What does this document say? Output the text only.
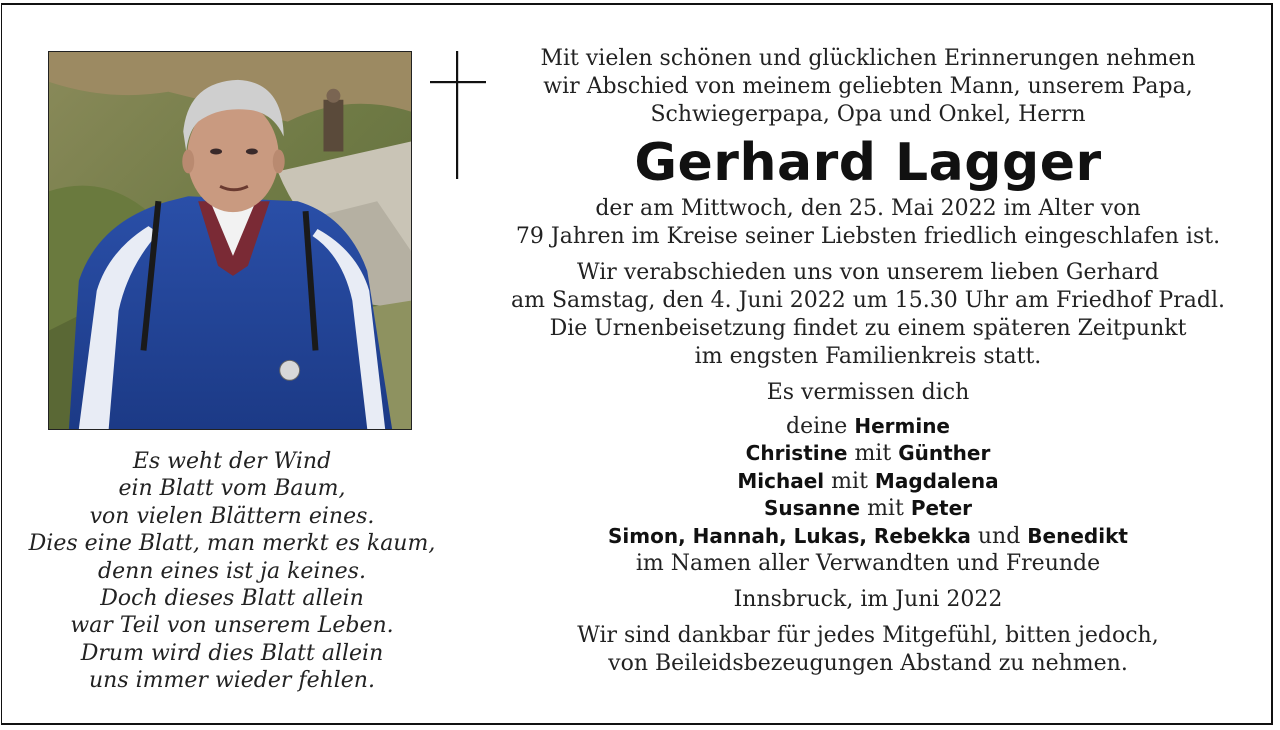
Es weht der Wind
ein Blatt vom Baum,
von vielen Blättern eines.
Dies eine Blatt, man merkt es kaum,
denn eines ist ja keines.
Doch dieses Blatt allein
war Teil von unserem Leben.
Drum wird dies Blatt allein
uns immer wieder fehlen.
Mit vielen schönen und glücklichen Erinnerungen nehmen
wir Abschied von meinem geliebten Mann, unserem Papa,
Schwiegerpapa, Opa und Onkel, Herrn
Gerhard Lagger
der am Mittwoch, den 25. Mai 2022 im Alter von
79 Jahren im Kreise seiner Liebsten friedlich eingeschlafen ist.
Wir verabschieden uns von unserem lieben Gerhard
am Samstag, den 4. Juni 2022 um 15.30 Uhr am Friedhof Pradl.
Die Urnenbeisetzung findet zu einem späteren Zeitpunkt
im engsten Familienkreis statt.
Es vermissen dich
deine Hermine
Christine mit Günther
Michael mit Magdalena
Susanne mit Peter
Simon, Hannah, Lukas, Rebekka und Benedikt
im Namen aller Verwandten und Freunde
Innsbruck, im Juni 2022
Wir sind dankbar für jedes Mitgefühl, bitten jedoch,
von Beileidsbezeugungen Abstand zu nehmen.
